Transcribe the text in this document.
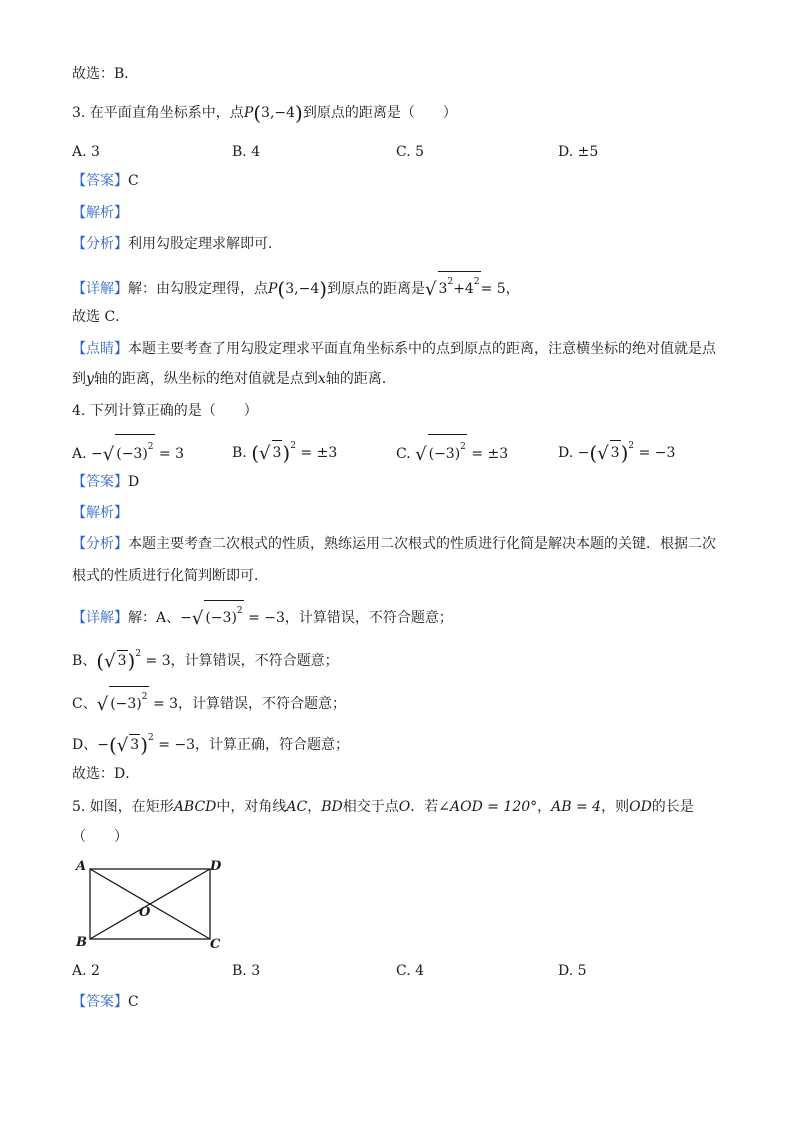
故选：B．
3. 在平面直角坐标系中，点P(3,−4)到原点的距离是（　　）
A. 3	B. 4	C. 5	D. ±5
【答案】C
【解析】
【分析】利用勾股定理求解即可．
【详解】解：由勾股定理得，点P(3,−4)到原点的距离是√ $3^2+4^2= 5$，
故选 C．
【点睛】本题主要考查了用勾股定理求平面直角坐标系中的点到原点的距离，注意横坐标的绝对值就是点
到y轴的距离，纵坐标的绝对值就是点到x轴的距离．
4. 下列计算正确的是（　　）
A. −√ $(-3)^2 = 3$	B. (√ 3)$^2$ = ±3	C. √ $(-3)^2 = \pm 3$	D. −(√ 3)$^2$ = −3
【答案】D
【解析】
【分析】本题主要考查二次根式的性质，熟练运用二次根式的性质进行化简是解决本题的关键．根据二次
根式的性质进行化简判断即可．
【详解】解：A、−√ $(-3)^2 = -3$，计算错误，不符合题意；
B、(√ 3)$^2$ = 3，计算错误，不符合题意；
C、√ $(-3)^2 = 3$，计算错误，不符合题意；
D、−(√ 3)$^2$ = −3，计算正确，符合题意；
故选：D．
5. 如图，在矩形ABCD中，对角线AC，BD相交于点O．若∠AOD = 120°，AB = 4，则OD的长是
（　　）
A	D
O
B	C
A. 2	B. 3	C. 4	D. 5
【答案】C
